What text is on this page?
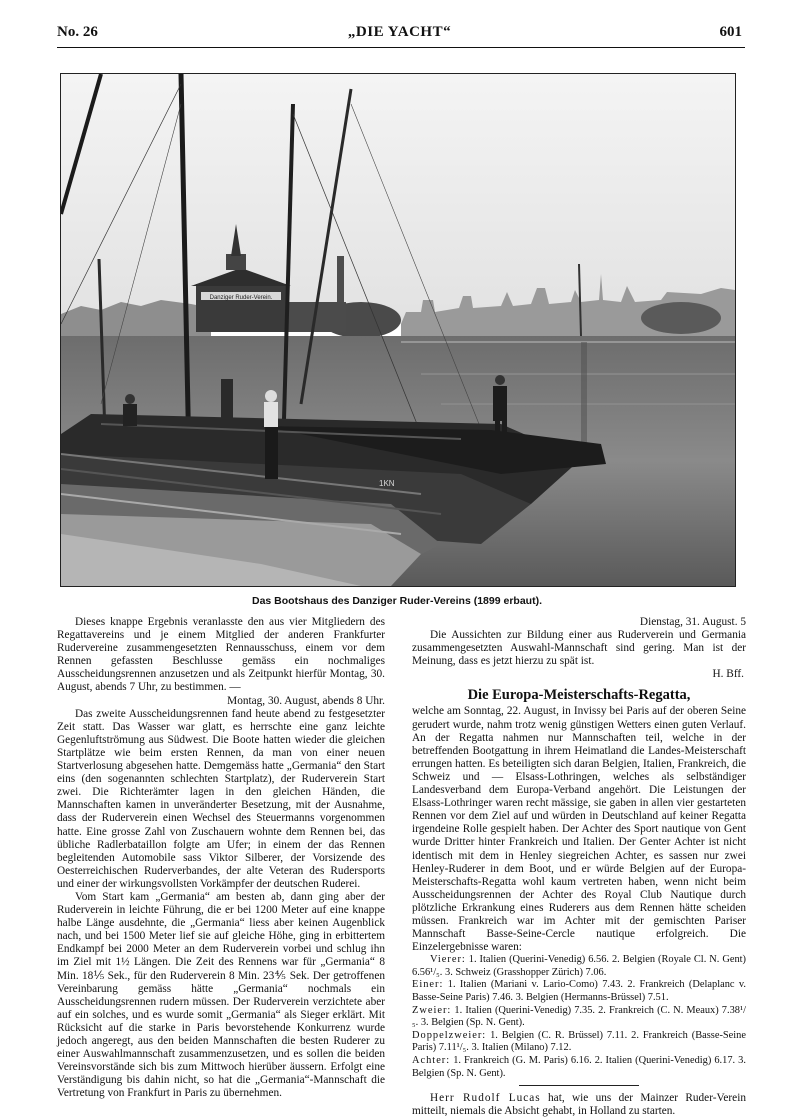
No. 26	„DIE YACHT“	601
Danziger Ruder-Verein.
1KN
Das Bootshaus des Danziger Ruder-Vereins (1899 erbaut).

Dieses knappe Ergebnis veranlasste den aus vier Mitgliedern des Regattavereins und je einem Mitglied der anderen Frankfurter Rudervereine zusammengesetzten Rennausschuss, einem vor dem Rennen gefassten Beschlusse gemäss ein nochmaliges Ausscheidungsrennen anzusetzen und als Zeitpunkt hierfür Montag, 30. August, abends 7 Uhr, zu bestimmen. —

Montag, 30. August, abends 8 Uhr.

Das zweite Ausscheidungsrennen fand heute abend zu festgesetzter Zeit statt. Das Wasser war glatt, es herrschte eine ganz leichte Gegenluftströmung aus Südwest. Die Boote hatten wieder die gleichen Startplätze wie beim ersten Rennen, da man von einer neuen Startverlosung abgesehen hatte. Demgemäss hatte „Germania“ den Start eins (den sogenannten schlechten Startplatz), der Ruderverein Start zwei. Die Richterämter lagen in den gleichen Händen, die Mannschaften kamen in unveränderter Besetzung, mit der Ausnahme, dass der Ruderverein einen Wechsel des Steuermanns vorgenommen hatte. Eine grosse Zahl von Zuschauern wohnte dem Rennen bei, das übliche Radlerbataillon folgte am Ufer; in einem der das Rennen begleitenden Automobile sass Viktor Silberer, der Vorsizende des Oesterreichischen Ruderverbandes, der alte Veteran des Rudersports und einer der wirkungsvollsten Vorkämpfer der deutschen Ruderei.

Vom Start kam „Germania“ am besten ab, dann ging aber der Ruderverein in leichte Führung, die er bei 1200 Meter auf eine knappe halbe Länge ausdehnte, die „Germania“ liess aber keinen Augenblick nach, und bei 1500 Meter lief sie auf gleiche Höhe, ging in erbittertem Endkampf bei 2000 Meter an dem Ruderverein vorbei und schlug ihn im Ziel mit 1½ Längen. Die Zeit des Rennens war für „Germania“ 8 Min. 18⅕ Sek., für den Ruderverein 8 Min. 23⅘ Sek. Der getroffenen Vereinbarung gemäss hätte „Germania“ nochmals ein Ausscheidungsrennen rudern müssen. Der Ruderverein verzichtete aber auf ein solches, und es wurde somit „Germania“ als Sieger erklärt. Mit Rücksicht auf die starke in Paris bevorstehende Konkurrenz wurde jedoch angeregt, aus den beiden Mannschaften die besten Ruderer zu einer Auswahlmannschaft zusammenzusetzen, und es sollen die beiden Vereinsvorstände sich bis zum Mittwoch hierüber äussern. Erfolgt eine Verständigung bis dahin nicht, so hat die „Germania“-Mannschaft die Vertretung von Frankfurt in Paris zu übernehmen.

Dienstag, 31. August. 5

Die Aussichten zur Bildung einer aus Ruderverein und Germania zusammengesetzten Auswahl-Mannschaft sind gering. Man ist der Meinung, dass es jetzt hierzu zu spät ist.

H. Bff.

Die Europa-Meisterschafts-Regatta,

welche am Sonntag, 22. August, in Invissy bei Paris auf der oberen Seine gerudert wurde, nahm trotz wenig günstigen Wetters einen guten Verlauf. An der Regatta nahmen nur Mannschaften teil, welche in der betreffenden Bootgattung in ihrem Heimatland die Landes-Meisterschaft errungen hatten. Es beteiligten sich daran Belgien, Italien, Frankreich, die Schweiz und — Elsass-Lothringen, welches als selbständiger Landesverband dem Europa-Verband angehört. Die Leistungen der Elsass-Lothringer waren recht mässige, sie gaben in allen vier gestarteten Rennen vor dem Ziel auf und würden in Deutschland auf keiner Regatta irgendeine Rolle gespielt haben. Der Achter des Sport nautique von Gent wurde Dritter hinter Frankreich und Italien. Der Genter Achter ist nicht identisch mit dem in Henley siegreichen Achter, es sassen nur zwei Henley-Ruderer in dem Boot, und er würde Belgien auf der Europa-Meisterschafts-Regatta wohl kaum vertreten haben, wenn nicht beim Ausscheidungsrennen der Achter des Royal Club Nautique durch plötzliche Erkrankung eines Ruderers aus dem Rennen hätte scheiden müssen. Frankreich war im Achter mit der gemischten Pariser Mannschaft Basse-Seine-Cercle nautique erfolgreich. Die Einzelergebnisse waren:

Vierer: 1. Italien (Querini-Venedig) 6.56. 2. Belgien (Royale Cl. N. Gent) 6.56¹/₅. 3. Schweiz (Grasshopper Zürich) 7.06.

Einer: 1. Italien (Mariani v. Lario-Como) 7.43. 2. Frankreich (Delaplanc v. Basse-Seine Paris) 7.46. 3. Belgien (Hermanns-Brüssel) 7.51.

Zweier: 1. Italien (Querini-Venedig) 7.35. 2. Frankreich (C. N. Meaux) 7.38¹/₅. 3. Belgien (Sp. N. Gent).

Doppelzweier: 1. Belgien (C. R. Brüssel) 7.11. 2. Frankreich (Basse-Seine Paris) 7.11¹/₅. 3. Italien (Milano) 7.12.

Achter: 1. Frankreich (G. M. Paris) 6.16. 2. Italien (Querini-Venedig) 6.17. 3. Belgien (Sp. N. Gent).

Herr Rudolf Lucas hat, wie uns der Mainzer Ruder-Verein mitteilt, niemals die Absicht gehabt, in Holland zu starten.
